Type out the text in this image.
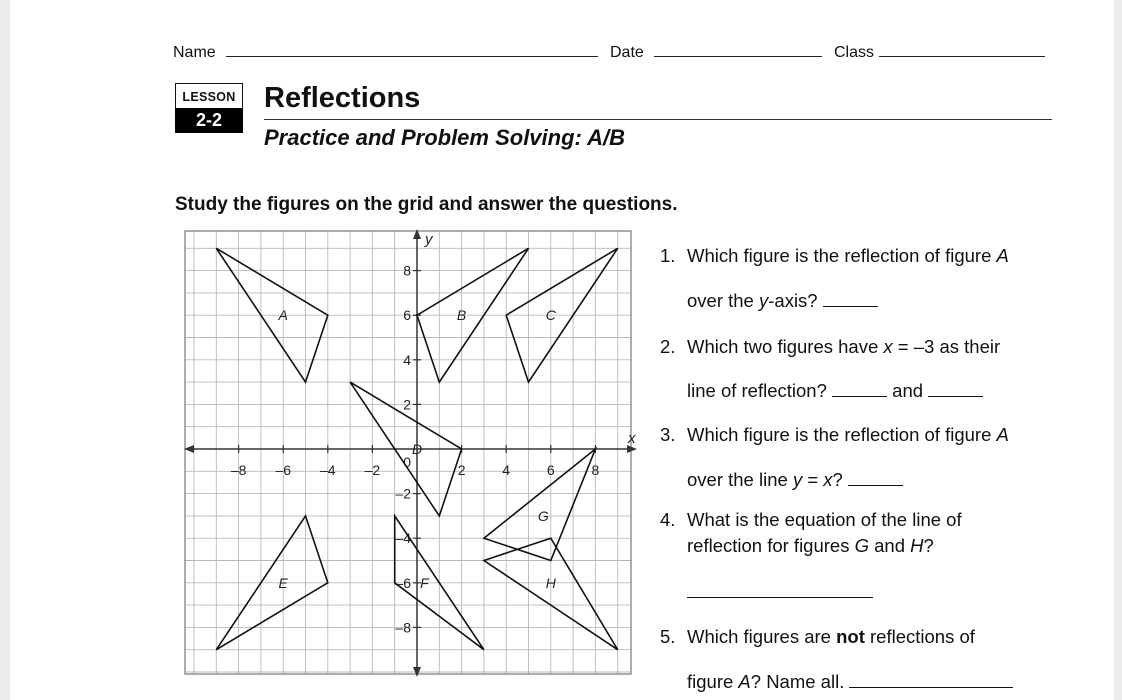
Name	Date	Class
LESSON
2-2
Reflections
Practice and Problem Solving: A/B
Study the figures on the grid and answer the questions.
–8 –6 –4 –2	2	4	6	8
8
6
4
2
–2
–4
–6
–8
0
x
y
A	B	C
D
E	F
G
H
1. Which figure is the reflection of figure A
over the y-axis?
2. Which two figures have x = –3 as their
line of reflection?	and
3. Which figure is the reflection of figure A
over the line y = x?
4. What is the equation of the line of
reflection for figures G and H?
5. Which figures are not reflections of
figure A? Name all.
